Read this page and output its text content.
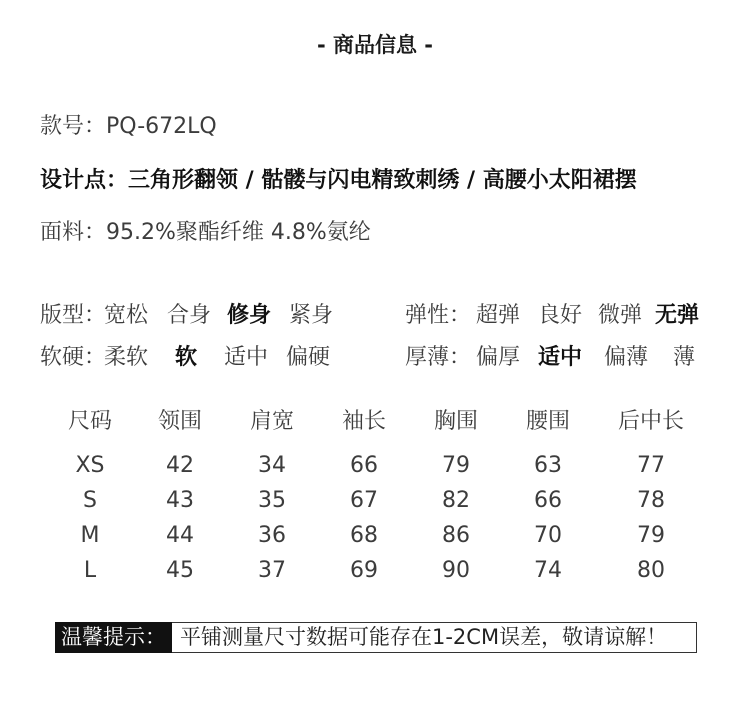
- 商品信息 -
款号：PQ-672LQ
设计点：三角形翻领 / 骷髅与闪电精致刺绣 / 高腰小太阳裙摆
面料：95.2%聚酯纤维 4.8%氨纶
版型：
宽松 合身 修身 紧身	弹性： 超弹 良好 微弹 无弹
软硬：
柔软 软 适中 偏硬	厚薄： 偏厚 适中 偏薄 薄
尺码	领围	肩宽	袖长	胸围	腰围	后中长
XS	42	34	66	79	63	77
S	43	35	67	82	66	78
M	44	36	68	86	70	79
L	45	37	69	90	74	80
温馨提示： 平铺测量尺寸数据可能存在1-2CM误差，敬请谅解！
